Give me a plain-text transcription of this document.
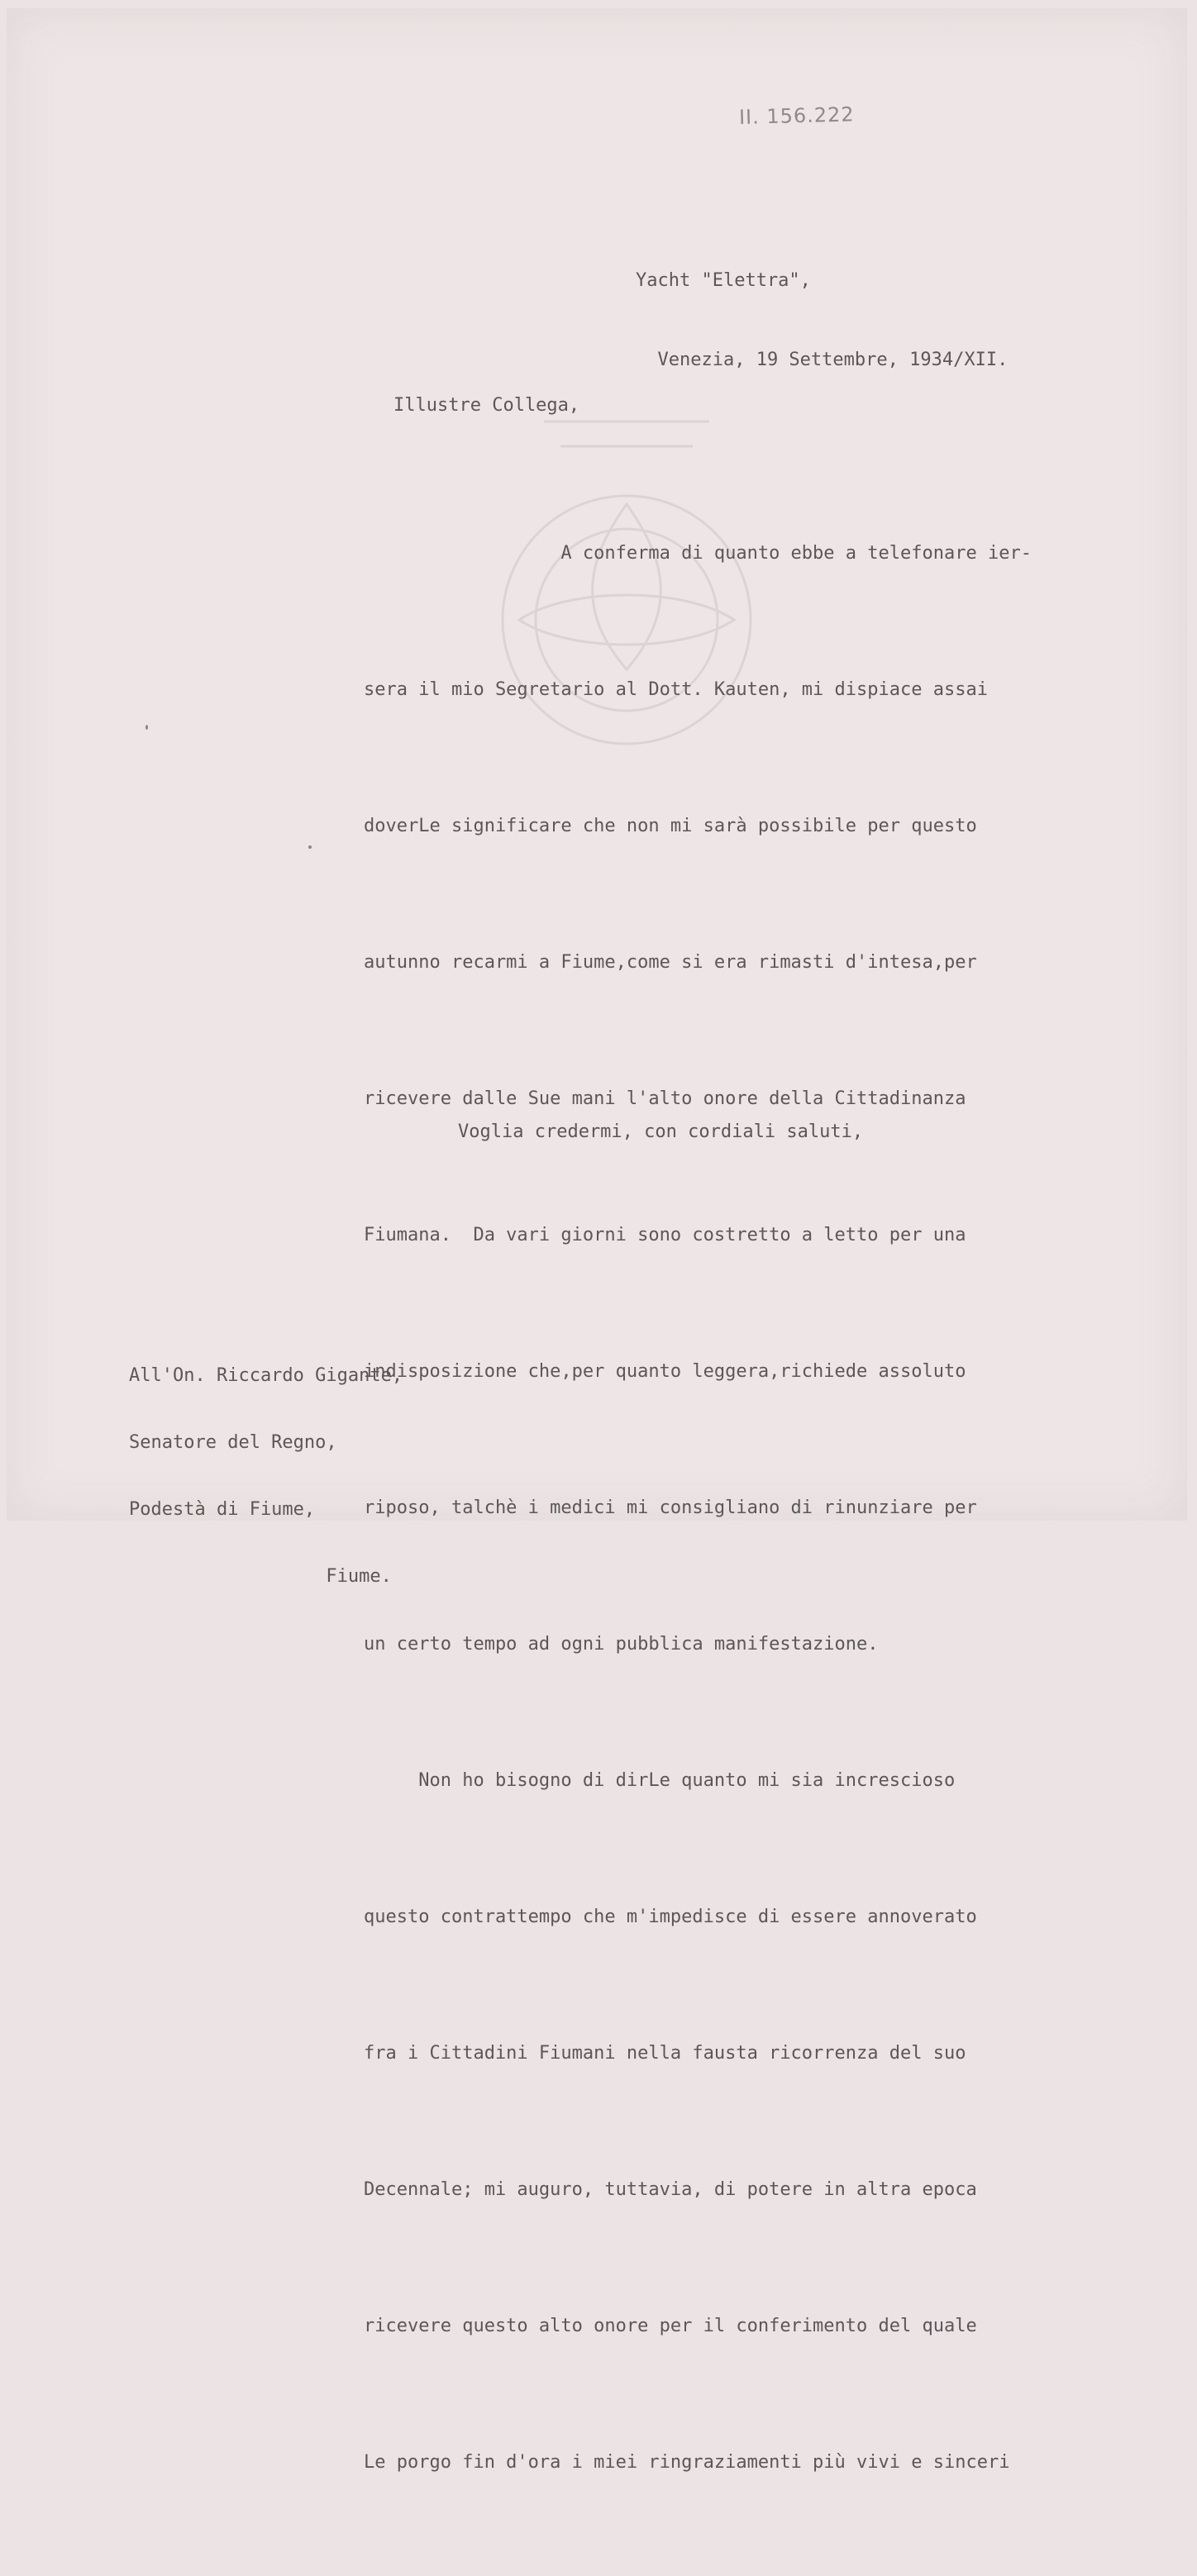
II. 156.222

Yacht "Elettra",

Venezia, 19 Settembre, 1934/XII.

Illustre Collega,

A conferma di quanto ebbe a telefonare ier-

sera il mio Segretario al Dott. Kauten, mi dispiace assai

doverLe significare che non mi sarà possibile per questo

autunno recarmi a Fiume,come si era rimasti d'intesa,per

ricevere dalle Sue mani l'alto onore della Cittadinanza

Fiumana.  Da vari giorni sono costretto a letto per una

indisposizione che,per quanto leggera,richiede assoluto

riposo, talchè i medici mi consigliano di rinunziare per

un certo tempo ad ogni pubblica manifestazione.

Non ho bisogno di dirLe quanto mi sia increscioso

questo contrattempo che m'impedisce di essere annoverato

fra i Cittadini Fiumani nella fausta ricorrenza del suo

Decennale; mi auguro, tuttavia, di potere in altra epoca

ricevere questo alto onore per il conferimento del quale

Le porgo fin d'ora i miei ringraziamenti più vivi e sinceri

Voglia credermi, con cordiali saluti,

All'On. Riccardo Gigante,

Senatore del Regno,

Podestà di Fiume,

Fiume.
